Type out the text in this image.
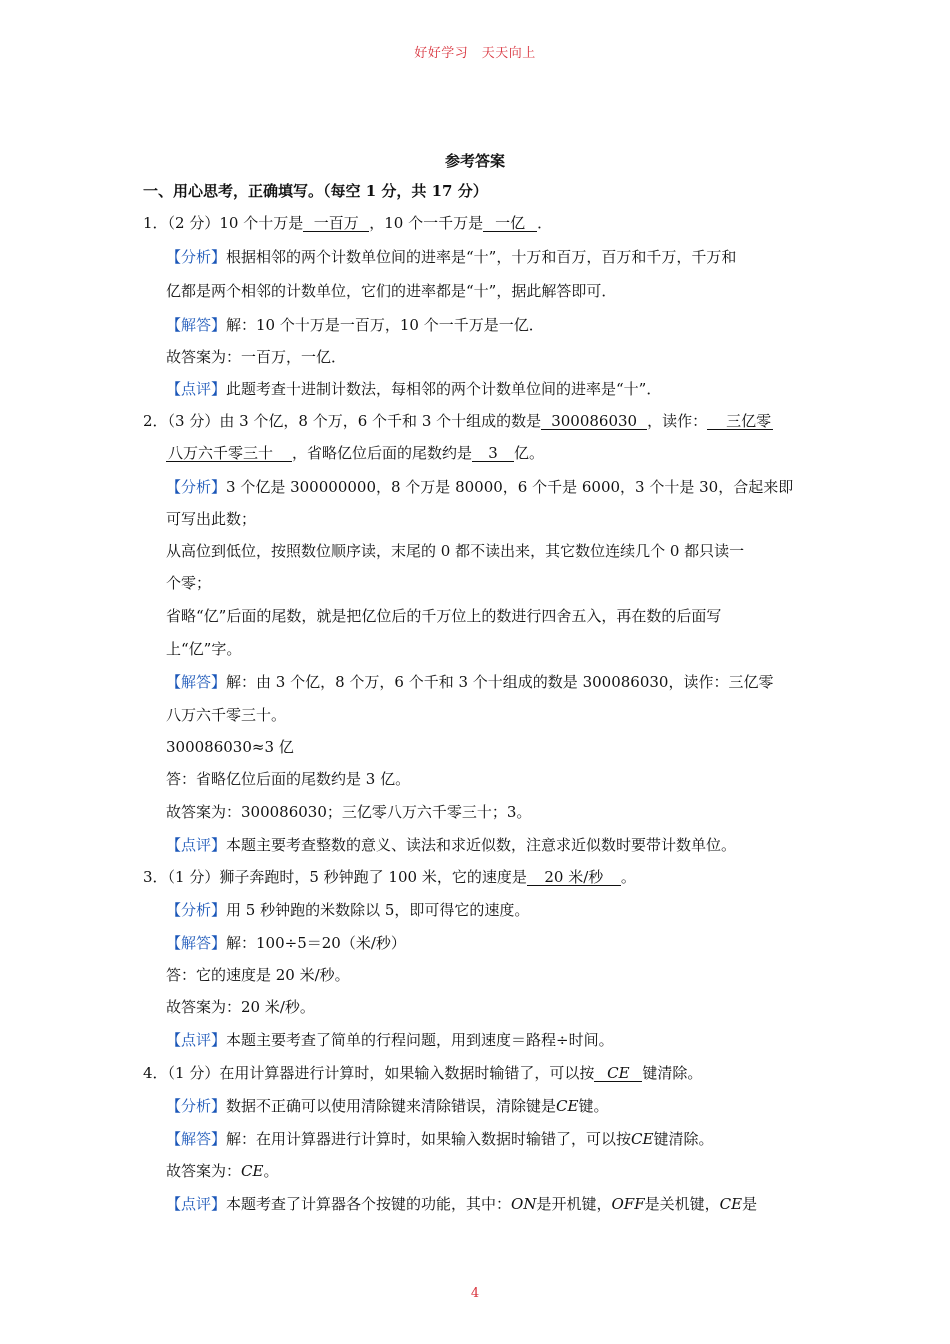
好好学习　天天向上
参考答案
一、用心思考，正确填写。（每空 1 分，共 17 分）
1．（2 分）10 个十万是 一百万 ，10 个一千万是 一亿 ．
【分析】根据相邻的两个计数单位间的进率是“十”，十万和百万，百万和千万，千万和
亿都是两个相邻的计数单位，它们的进率都是“十”，据此解答即可．
【解答】解：10 个十万是一百万，10 个一千万是一亿．
故答案为：一百万，一亿．
【点评】此题考查十进制计数法，每相邻的两个计数单位间的进率是“十”．
2．（3 分）由 3 个亿，8 个万，6 个千和 3 个十组成的数是 300086030 ，读作： 三亿零
八万六千零三十 ，省略亿位后面的尾数约是 3 亿。
【分析】3 个亿是 300000000，8 个万是 80000，6 个千是 6000，3 个十是 30，合起来即
可写出此数；
从高位到低位，按照数位顺序读，末尾的 0 都不读出来，其它数位连续几个 0 都只读一
个零；
省略“亿”后面的尾数，就是把亿位后的千万位上的数进行四舍五入，再在数的后面写
上“亿”字。
【解答】解：由 3 个亿，8 个万，6 个千和 3 个十组成的数是 300086030，读作：三亿零
八万六千零三十。
300086030≈3 亿
答：省略亿位后面的尾数约是 3 亿。
故答案为：300086030；三亿零八万六千零三十；3。
【点评】本题主要考查整数的意义、读法和求近似数，注意求近似数时要带计数单位。
3．（1 分）狮子奔跑时，5 秒钟跑了 100 米，它的速度是 20 米/秒 。
【分析】用 5 秒钟跑的米数除以 5，即可得它的速度。
【解答】解：100÷5＝20（米/秒）
答：它的速度是 20 米/秒。
故答案为：20 米/秒。
【点评】本题主要考查了简单的行程问题，用到速度＝路程÷时间。
4．（1 分）在用计算器进行计算时，如果输入数据时输错了，可以按 CE 键清除。
【分析】数据不正确可以使用清除键来清除错误，清除键是CE键。
【解答】解：在用计算器进行计算时，如果输入数据时输错了，可以按CE键清除。
故答案为：CE。
【点评】本题考查了计算器各个按键的功能，其中：ON是开机键，OFF是关机键，CE是
4
